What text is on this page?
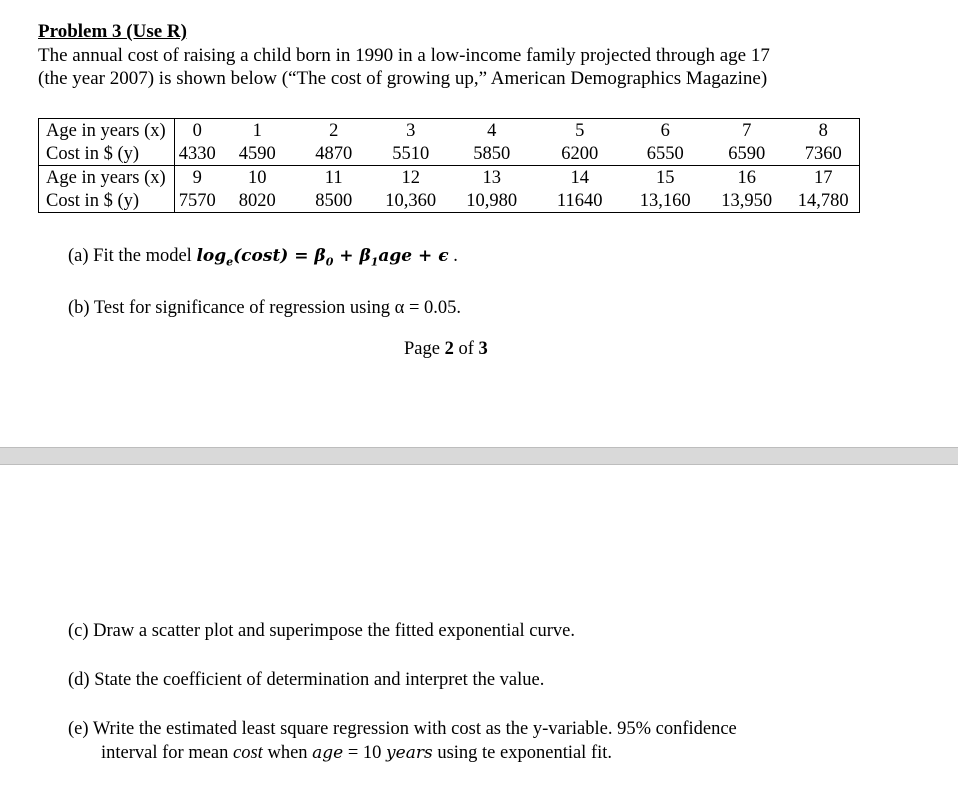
Problem 3 (Use R)
The annual cost of raising a child born in 1990 in a low-income family projected through age 17
(the year 2007) is shown below (“The cost of growing up,” American Demographics Magazine)
Age in years (x)	0	1	2	3	4	5	6	7	8
Cost in $ (y)	4330	4590	4870	5510	5850	6200	6550	6590	7360
Age in years (x)	9	10	11	12	13	14	15	16	17
Cost in $ (y)	7570	8020	8500	10,360	10,980	11640	13,160	13,950	14,780
(a) Fit the model $\log_e(\cos t) = \beta_0 + \beta_1age + \epsilon$ .
(b) Test for significance of regression using α = 0.05.
Page 2 of 3
(c) Draw a scatter plot and superimpose the fitted exponential curve.
(d) State the coefficient of determination and interpret the value.
(e) Write the estimated least square regression with cost as the y-variable. 95% confidence
interval for mean cost when age = 10 years using te exponential fit.
